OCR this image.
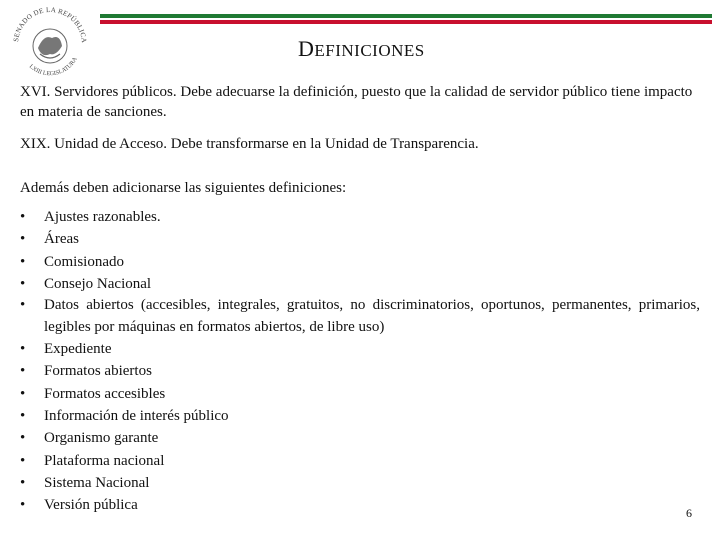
SENADO DE LA REPÚBLICA
LXIII LEGISLATURA	DEFINICIONES

XVI. Servidores públicos. Debe adecuarse la definición, puesto que la calidad de servidor público tiene impacto en materia de sanciones.

XIX. Unidad de Acceso. Debe transformarse en la Unidad de Transparencia.

Además deben adicionarse las siguientes definiciones:

• Ajustes razonables.
• Áreas
• Comisionado
• Consejo Nacional
• Datos abiertos (accesibles, integrales, gratuitos, no discriminatorios, oportunos, permanentes, primarios, legibles por máquinas en formatos abiertos, de libre uso)
• Expediente
• Formatos abiertos
• Formatos accesibles
• Información de interés público
• Organismo garante
• Plataforma nacional
• Sistema Nacional
• Versión pública	6
